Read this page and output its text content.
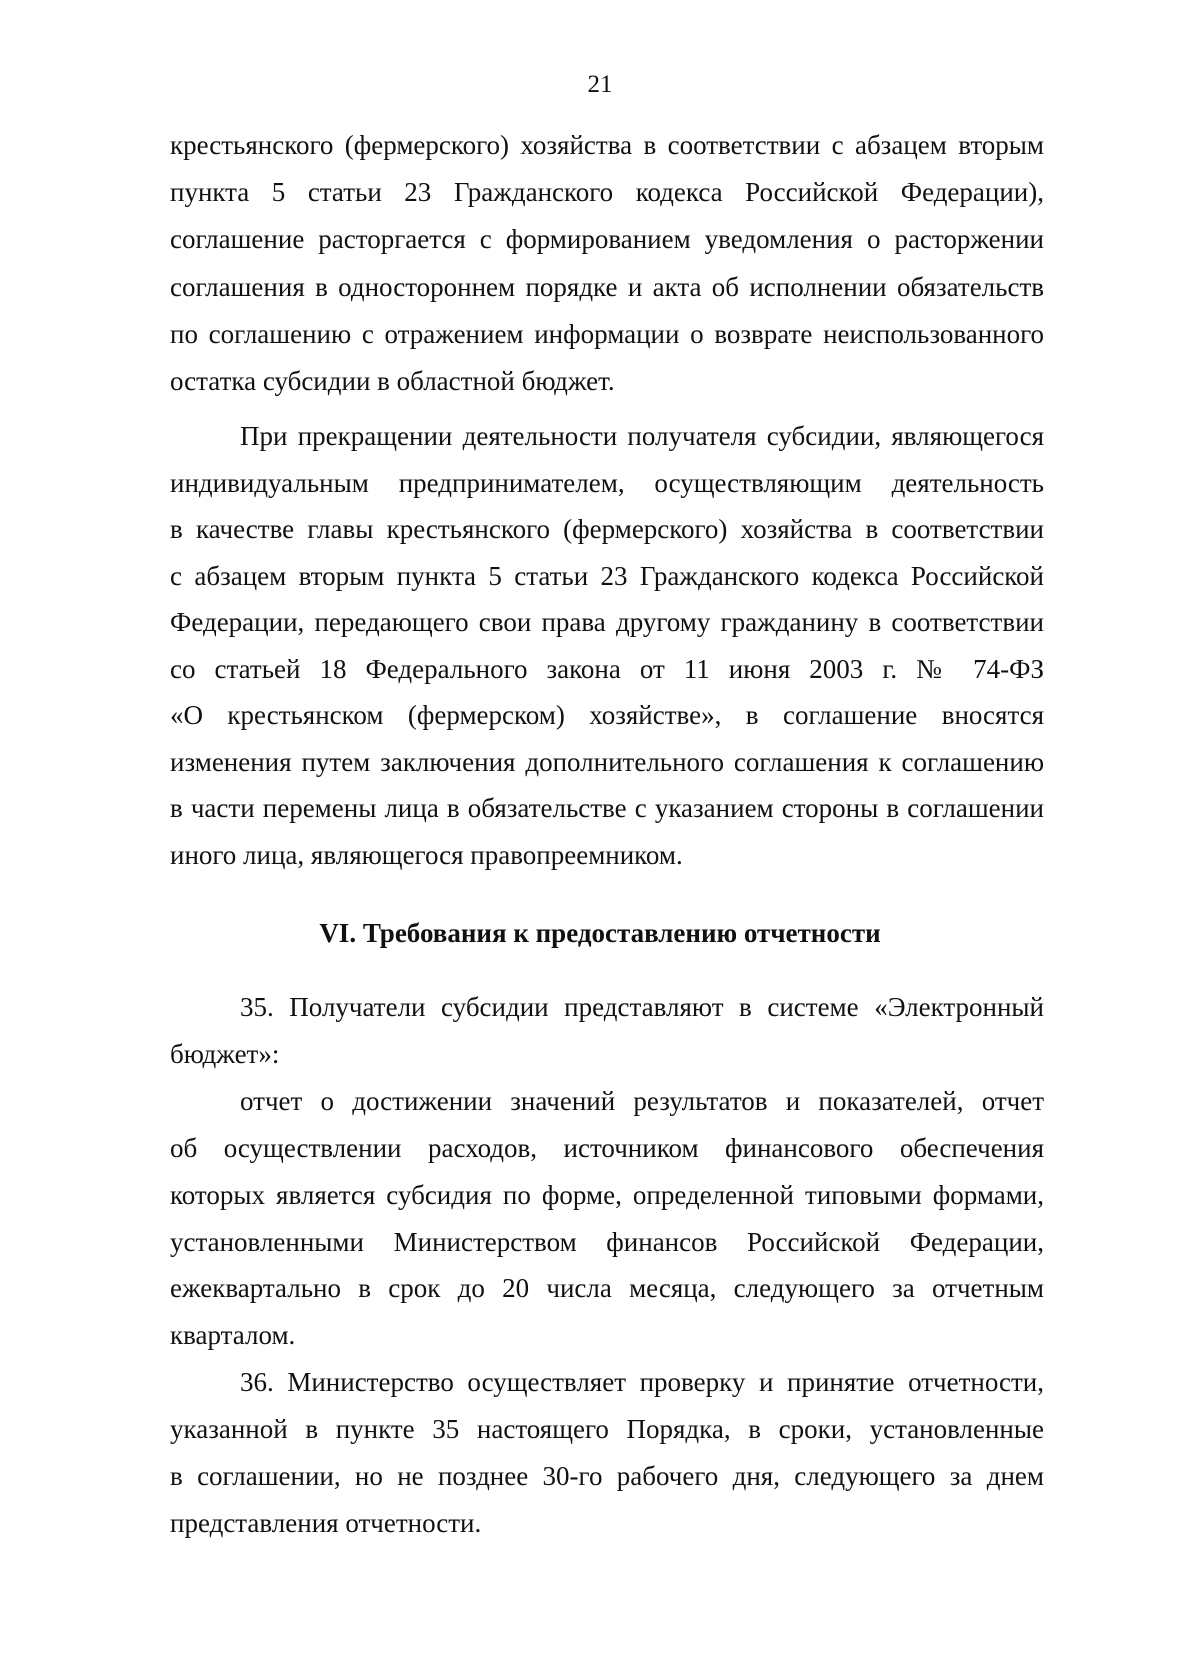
21

крестьянского (фермерского) хозяйства в соответствии с абзацем вторым

пункта 5 статьи 23 Гражданского кодекса Российской Федерации),

соглашение расторгается с формированием уведомления о расторжении

соглашения в одностороннем порядке и акта об исполнении обязательств

по соглашению с отражением информации о возврате неиспользованного

остатка субсидии в областной бюджет.

При прекращении деятельности получателя субсидии, являющегося

индивидуальным предпринимателем, осуществляющим деятельность

в качестве главы крестьянского (фермерского) хозяйства в соответствии

с абзацем вторым пункта 5 статьи 23 Гражданского кодекса Российской

Федерации, передающего свои права другому гражданину в соответствии

со статьей 18 Федерального закона от 11 июня 2003 г. № 74-ФЗ

«О крестьянском (фермерском) хозяйстве», в соглашение вносятся

изменения путем заключения дополнительного соглашения к соглашению

в части перемены лица в обязательстве с указанием стороны в соглашении

иного лица, являющегося правопреемником.

VI. Требования к предоставлению отчетности

35. Получатели субсидии представляют в системе «Электронный

бюджет»:

отчет о достижении значений результатов и показателей, отчет

об осуществлении расходов, источником финансового обеспечения

которых является субсидия по форме, определенной типовыми формами,

установленными Министерством финансов Российской Федерации,

ежеквартально в срок до 20 числа месяца, следующего за отчетным

кварталом.

36. Министерство осуществляет проверку и принятие отчетности,

указанной в пункте 35 настоящего Порядка, в сроки, установленные

в соглашении, но не позднее 30-го рабочего дня, следующего за днем

представления отчетности.
